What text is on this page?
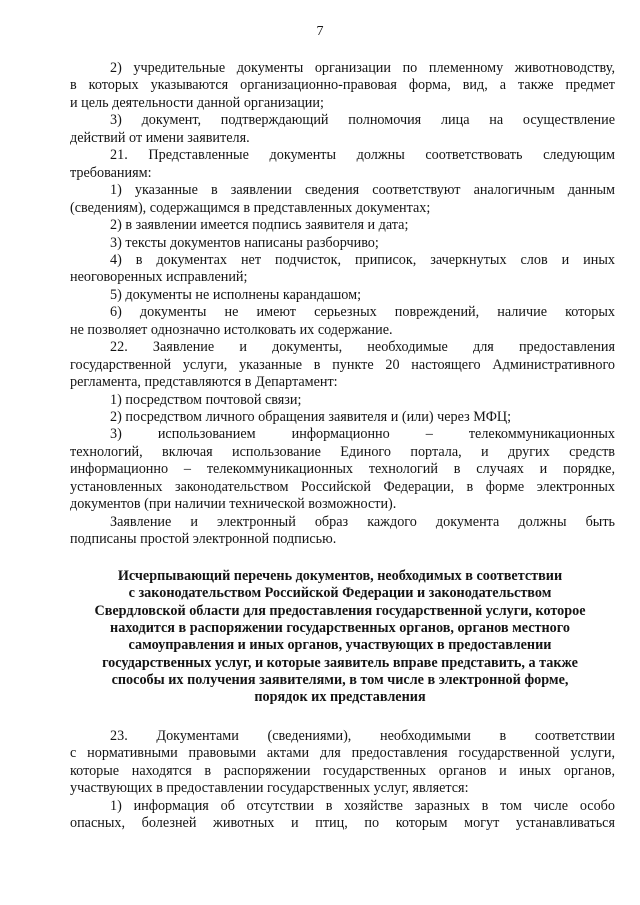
7
2) учредительные документы организации по племенному животноводству,
в которых указываются организационно-правовая форма, вид, а также предмет
и цель деятельности данной организации;
3) документ, подтверждающий полномочия лица на осуществление
действий от имени заявителя.
21. Представленные документы должны соответствовать следующим
требованиям:
1) указанные в заявлении сведения соответствуют аналогичным данным
(сведениям), содержащимся в представленных документах;
2) в заявлении имеется подпись заявителя и дата;
3) тексты документов написаны разборчиво;
4) в документах нет подчисток, приписок, зачеркнутых слов и иных
неоговоренных исправлений;
5) документы не исполнены карандашом;
6) документы не имеют серьезных повреждений, наличие которых
не позволяет однозначно истолковать их содержание.
22. Заявление и документы, необходимые для предоставления
государственной услуги, указанные в пункте 20 настоящего Административного
регламента, представляются в Департамент:
1) посредством почтовой связи;
2) посредством личного обращения заявителя и (или) через МФЦ;
3) использованием информационно – телекоммуникационных
технологий, включая использование Единого портала, и других средств
информационно – телекоммуникационных технологий в случаях и порядке,
установленных законодательством Российской Федерации, в форме электронных
документов (при наличии технической возможности).
Заявление и электронный образ каждого документа должны быть
подписаны простой электронной подписью.
Исчерпывающий перечень документов, необходимых в соответствии
с законодательством Российской Федерации и законодательством
Свердловской области для предоставления государственной услуги, которое
находится в распоряжении государственных органов, органов местного
самоуправления и иных органов, участвующих в предоставлении
государственных услуг, и которые заявитель вправе представить, а также
способы их получения заявителями, в том числе в электронной форме,
порядок их представления
23. Документами (сведениями), необходимыми в соответствии
с нормативными правовыми актами для предоставления государственной услуги,
которые находятся в распоряжении государственных органов и иных органов,
участвующих в предоставлении государственных услуг, является:
1) информация об отсутствии в хозяйстве заразных в том числе особо
опасных, болезней животных и птиц, по которым могут устанавливаться
